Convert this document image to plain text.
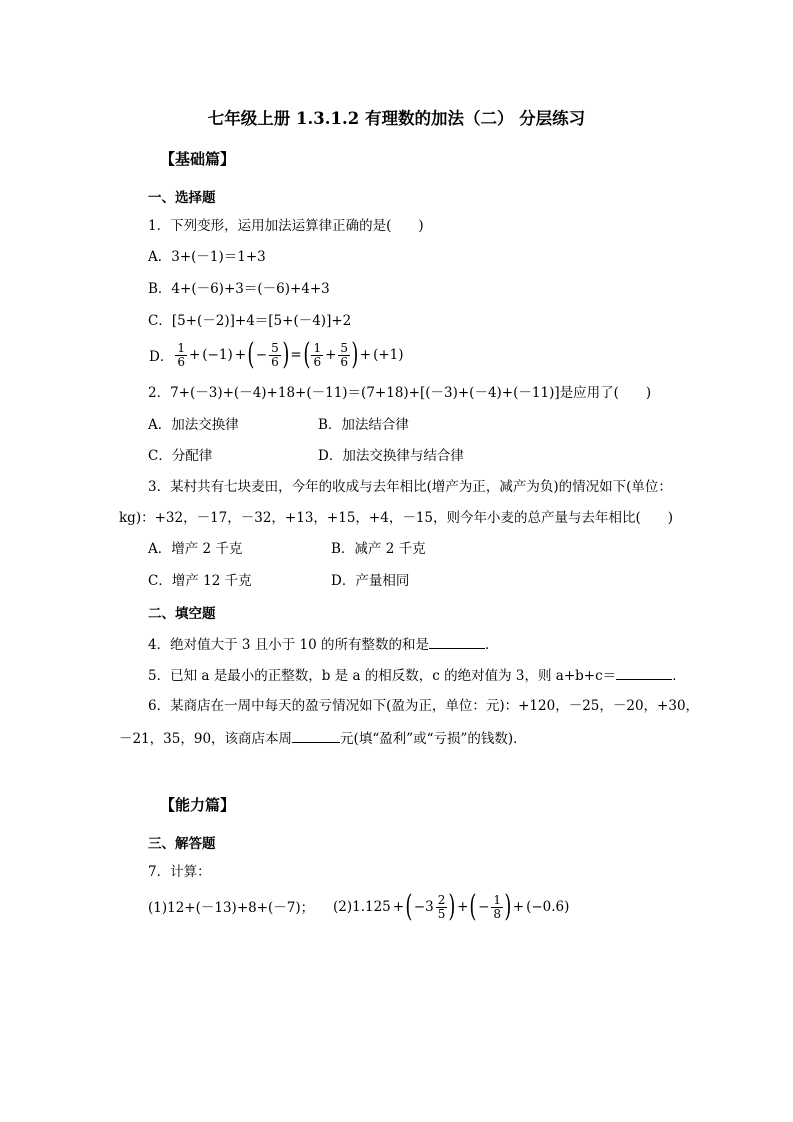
七年级上册 1.3.1.2 有理数的加法（二） 分层练习
【基础篇】
一、选择题
1．下列变形，运用加法运算律正确的是(　　)
A．3+(－1)＝1+3
B．4+(－6)+3＝(－6)+4+3
C．[5+(－2)]+4＝[5+(－4)]+2
D． $\frac{1}{6} + (-1)$ + ( − $\frac{5}{6}$ ) = ( $\frac{1}{6} + \frac{5}{6}$ ) + (+1)
2．7+(－3)+(－4)+18+(－11)＝(7+18)+[(－3)+(－4)+(－11)]是应用了(　　)
A．加法交换律	B．加法结合律
C．分配律	D．加法交换律与结合律
3．某村共有七块麦田，今年的收成与去年相比(增产为正，减产为负)的情况如下(单位：
kg)：+32，－17，－32，+13，+15，+4，－15，则今年小麦的总产量与去年相比(　　)
A．增产 2 千克	B．减产 2 千克
C．增产 12 千克	D．产量相同
二、填空题
4．绝对值大于 3 且小于 10 的所有整数的和是	．
5．已知 a 是最小的正整数，b 是 a 的相反数，c 的绝对值为 3，则 a+b+c＝	．
6．某商店在一周中每天的盈亏情况如下(盈为正，单位：元)：+120，－25，－20，+30，
－21，35，90，该商店本周	元(填“盈利”或“亏损”的钱数)．
【能力篇】
三、解答题
7．计算：
(1)12+(－13)+8+(－7)； (2)1.125 + ( $-3 \frac{2}{5}$ ) + ( − $\frac{1}{8}$ ) + (−0.6)
